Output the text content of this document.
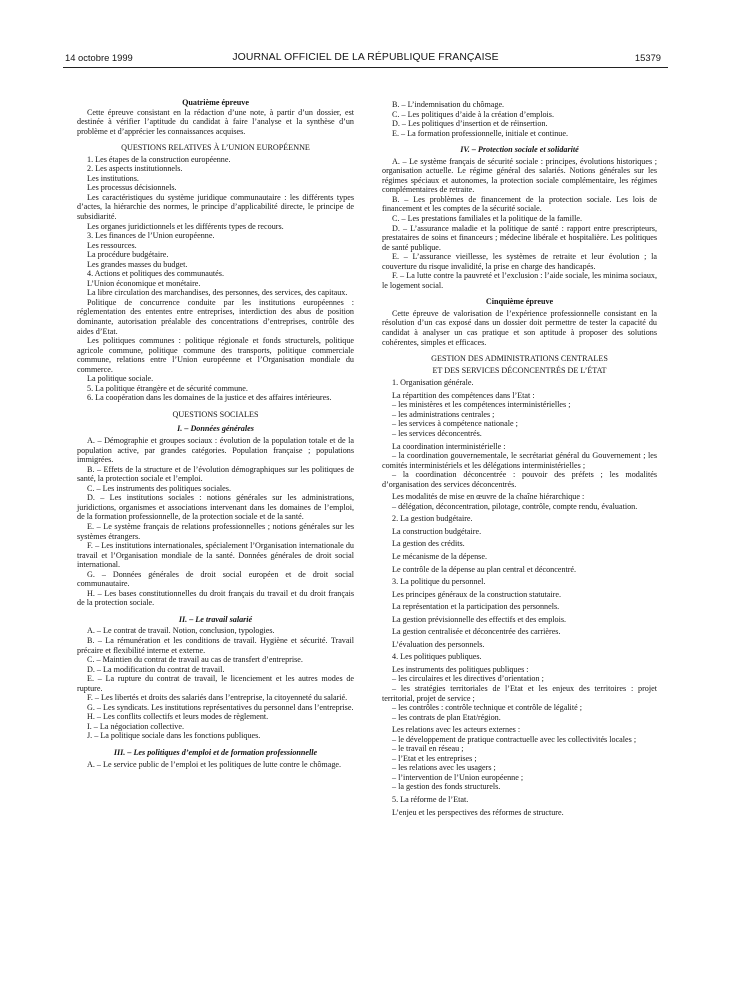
14 octobre 1999	JOURNAL OFFICIEL DE LA RÉPUBLIQUE FRANÇAISE	15379

Quatrième épreuve

Cette épreuve consistant en la rédaction d’une note, à partir d’un dossier, est destinée à vérifier l’aptitude du candidat à faire l’analyse et la synthèse d’un problème et d’apprécier les connaissances acquises.

QUESTIONS RELATIVES À L’UNION EUROPÉENNE

1. Les étapes de la construction européenne.

2. Les aspects institutionnels.

Les institutions.

Les processus décisionnels.

Les caractéristiques du système juridique communautaire : les différents types d’actes, la hiérarchie des normes, le principe d’applicabilité directe, le principe de subsidiarité.

Les organes juridictionnels et les différents types de recours.

3. Les finances de l’Union européenne.

Les ressources.

La procédure budgétaire.

Les grandes masses du budget.

4. Actions et politiques des communautés.

L’Union économique et monétaire.

La libre circulation des marchandises, des personnes, des services, des capitaux.

Politique de concurrence conduite par les institutions européennes : réglementation des ententes entre entreprises, interdiction des abus de position dominante, autorisation préalable des concentrations d’entreprises, contrôle des aides d’Etat.

Les politiques communes : politique régionale et fonds structurels, politique agricole commune, politique commune des transports, politique commerciale commune, relations entre l’Union européenne et l’Organisation mondiale du commerce.

La politique sociale.

5. La politique étrangère et de sécurité commune.

6. La coopération dans les domaines de la justice et des affaires intérieures.

QUESTIONS SOCIALES

I. – Données générales

A. – Démographie et groupes sociaux : évolution de la population totale et de la population active, par grandes catégories. Population française ; populations immigrées.

B. – Effets de la structure et de l’évolution démographiques sur les politiques de santé, la protection sociale et l’emploi.

C. – Les instruments des politiques sociales.

D. – Les institutions sociales : notions générales sur les administrations, juridictions, organismes et associations intervenant dans les domaines de l’emploi, de la formation professionnelle, de la protection sociale et de la santé.

E. – Le système français de relations professionnelles ; notions générales sur les systèmes étrangers.

F. – Les institutions internationales, spécialement l’Organisation internationale du travail et l’Organisation mondiale de la santé. Données générales de droit social international.

G. – Données générales de droit social européen et de droit social communautaire.

H. – Les bases constitutionnelles du droit français du travail et du droit français de la protection sociale.

II. – Le travail salarié

A. – Le contrat de travail. Notion, conclusion, typologies.

B. – La rémunération et les conditions de travail. Hygiène et sécurité. Travail précaire et flexibilité interne et externe.

C. – Maintien du contrat de travail au cas de transfert d’entreprise.

D. – La modification du contrat de travail.

E. – La rupture du contrat de travail, le licenciement et les autres modes de rupture.

F. – Les libertés et droits des salariés dans l’entreprise, la citoyenneté du salarié.

G. – Les syndicats. Les institutions représentatives du personnel dans l’entreprise.

H. – Les conflits collectifs et leurs modes de règlement.

I. – La négociation collective.

J. – La politique sociale dans les fonctions publiques.

III. – Les politiques d’emploi et de formation professionnelle

A. – Le service public de l’emploi et les politiques de lutte contre le chômage.

B. – L’indemnisation du chômage.

C. – Les politiques d’aide à la création d’emplois.

D. – Les politiques d’insertion et de réinsertion.

E. – La formation professionnelle, initiale et continue.

IV. – Protection sociale et solidarité

A. – Le système français de sécurité sociale : principes, évolutions historiques ; organisation actuelle. Le régime général des salariés. Notions générales sur les régimes spéciaux et autonomes, la protection sociale complémentaire, les régimes complémentaires de retraite.

B. – Les problèmes de financement de la protection sociale. Les lois de financement et les comptes de la sécurité sociale.

C. – Les prestations familiales et la politique de la famille.

D. – L’assurance maladie et la politique de santé : rapport entre prescripteurs, prestataires de soins et financeurs ; médecine libérale et hospitalière. Les politiques de santé publique.

E. – L’assurance vieillesse, les systèmes de retraite et leur évolution ; la couverture du risque invalidité, la prise en charge des handicapés.

F. – La lutte contre la pauvreté et l’exclusion : l’aide sociale, les minima sociaux, le logement social.

Cinquième épreuve

Cette épreuve de valorisation de l’expérience professionnelle consistant en la résolution d’un cas exposé dans un dossier doit permettre de tester la capacité du candidat à analyser un cas pratique et son aptitude à proposer des solutions cohérentes, simples et efficaces.

GESTION DES ADMINISTRATIONS CENTRALES

ET DES SERVICES DÉCONCENTRÉS DE L’ÉTAT

1. Organisation générale.

La répartition des compétences dans l’Etat :

– les ministères et les compétences interministérielles ;

– les administrations centrales ;

– les services à compétence nationale ;

– les services déconcentrés.

La coordination interministérielle :

– la coordination gouvernementale, le secrétariat général du Gouvernement ; les comités interministériels et les délégations interministérielles ;

– la coordination déconcentrée : pouvoir des préfets ; les modalités d’organisation des services déconcentrés.

Les modalités de mise en œuvre de la chaîne hiérarchique :

– délégation, déconcentration, pilotage, contrôle, compte rendu, évaluation.

2. La gestion budgétaire.

La construction budgétaire.

La gestion des crédits.

Le mécanisme de la dépense.

Le contrôle de la dépense au plan central et déconcentré.

3. La politique du personnel.

Les principes généraux de la construction statutaire.

La représentation et la participation des personnels.

La gestion prévisionnelle des effectifs et des emplois.

La gestion centralisée et déconcentrée des carrières.

L’évaluation des personnels.

4. Les politiques publiques.

Les instruments des politiques publiques :

– les circulaires et les directives d’orientation ;

– les stratégies territoriales de l’Etat et les enjeux des territoires : projet territorial, projet de service ;

– les contrôles : contrôle technique et contrôle de légalité ;

– les contrats de plan Etat/région.

Les relations avec les acteurs externes :

– le développement de pratique contractuelle avec les collectivités locales ;

– le travail en réseau ;

– l’Etat et les entreprises ;

– les relations avec les usagers ;

– l’intervention de l’Union européenne ;

– la gestion des fonds structurels.

5. La réforme de l’Etat.

L’enjeu et les perspectives des réformes de structure.
